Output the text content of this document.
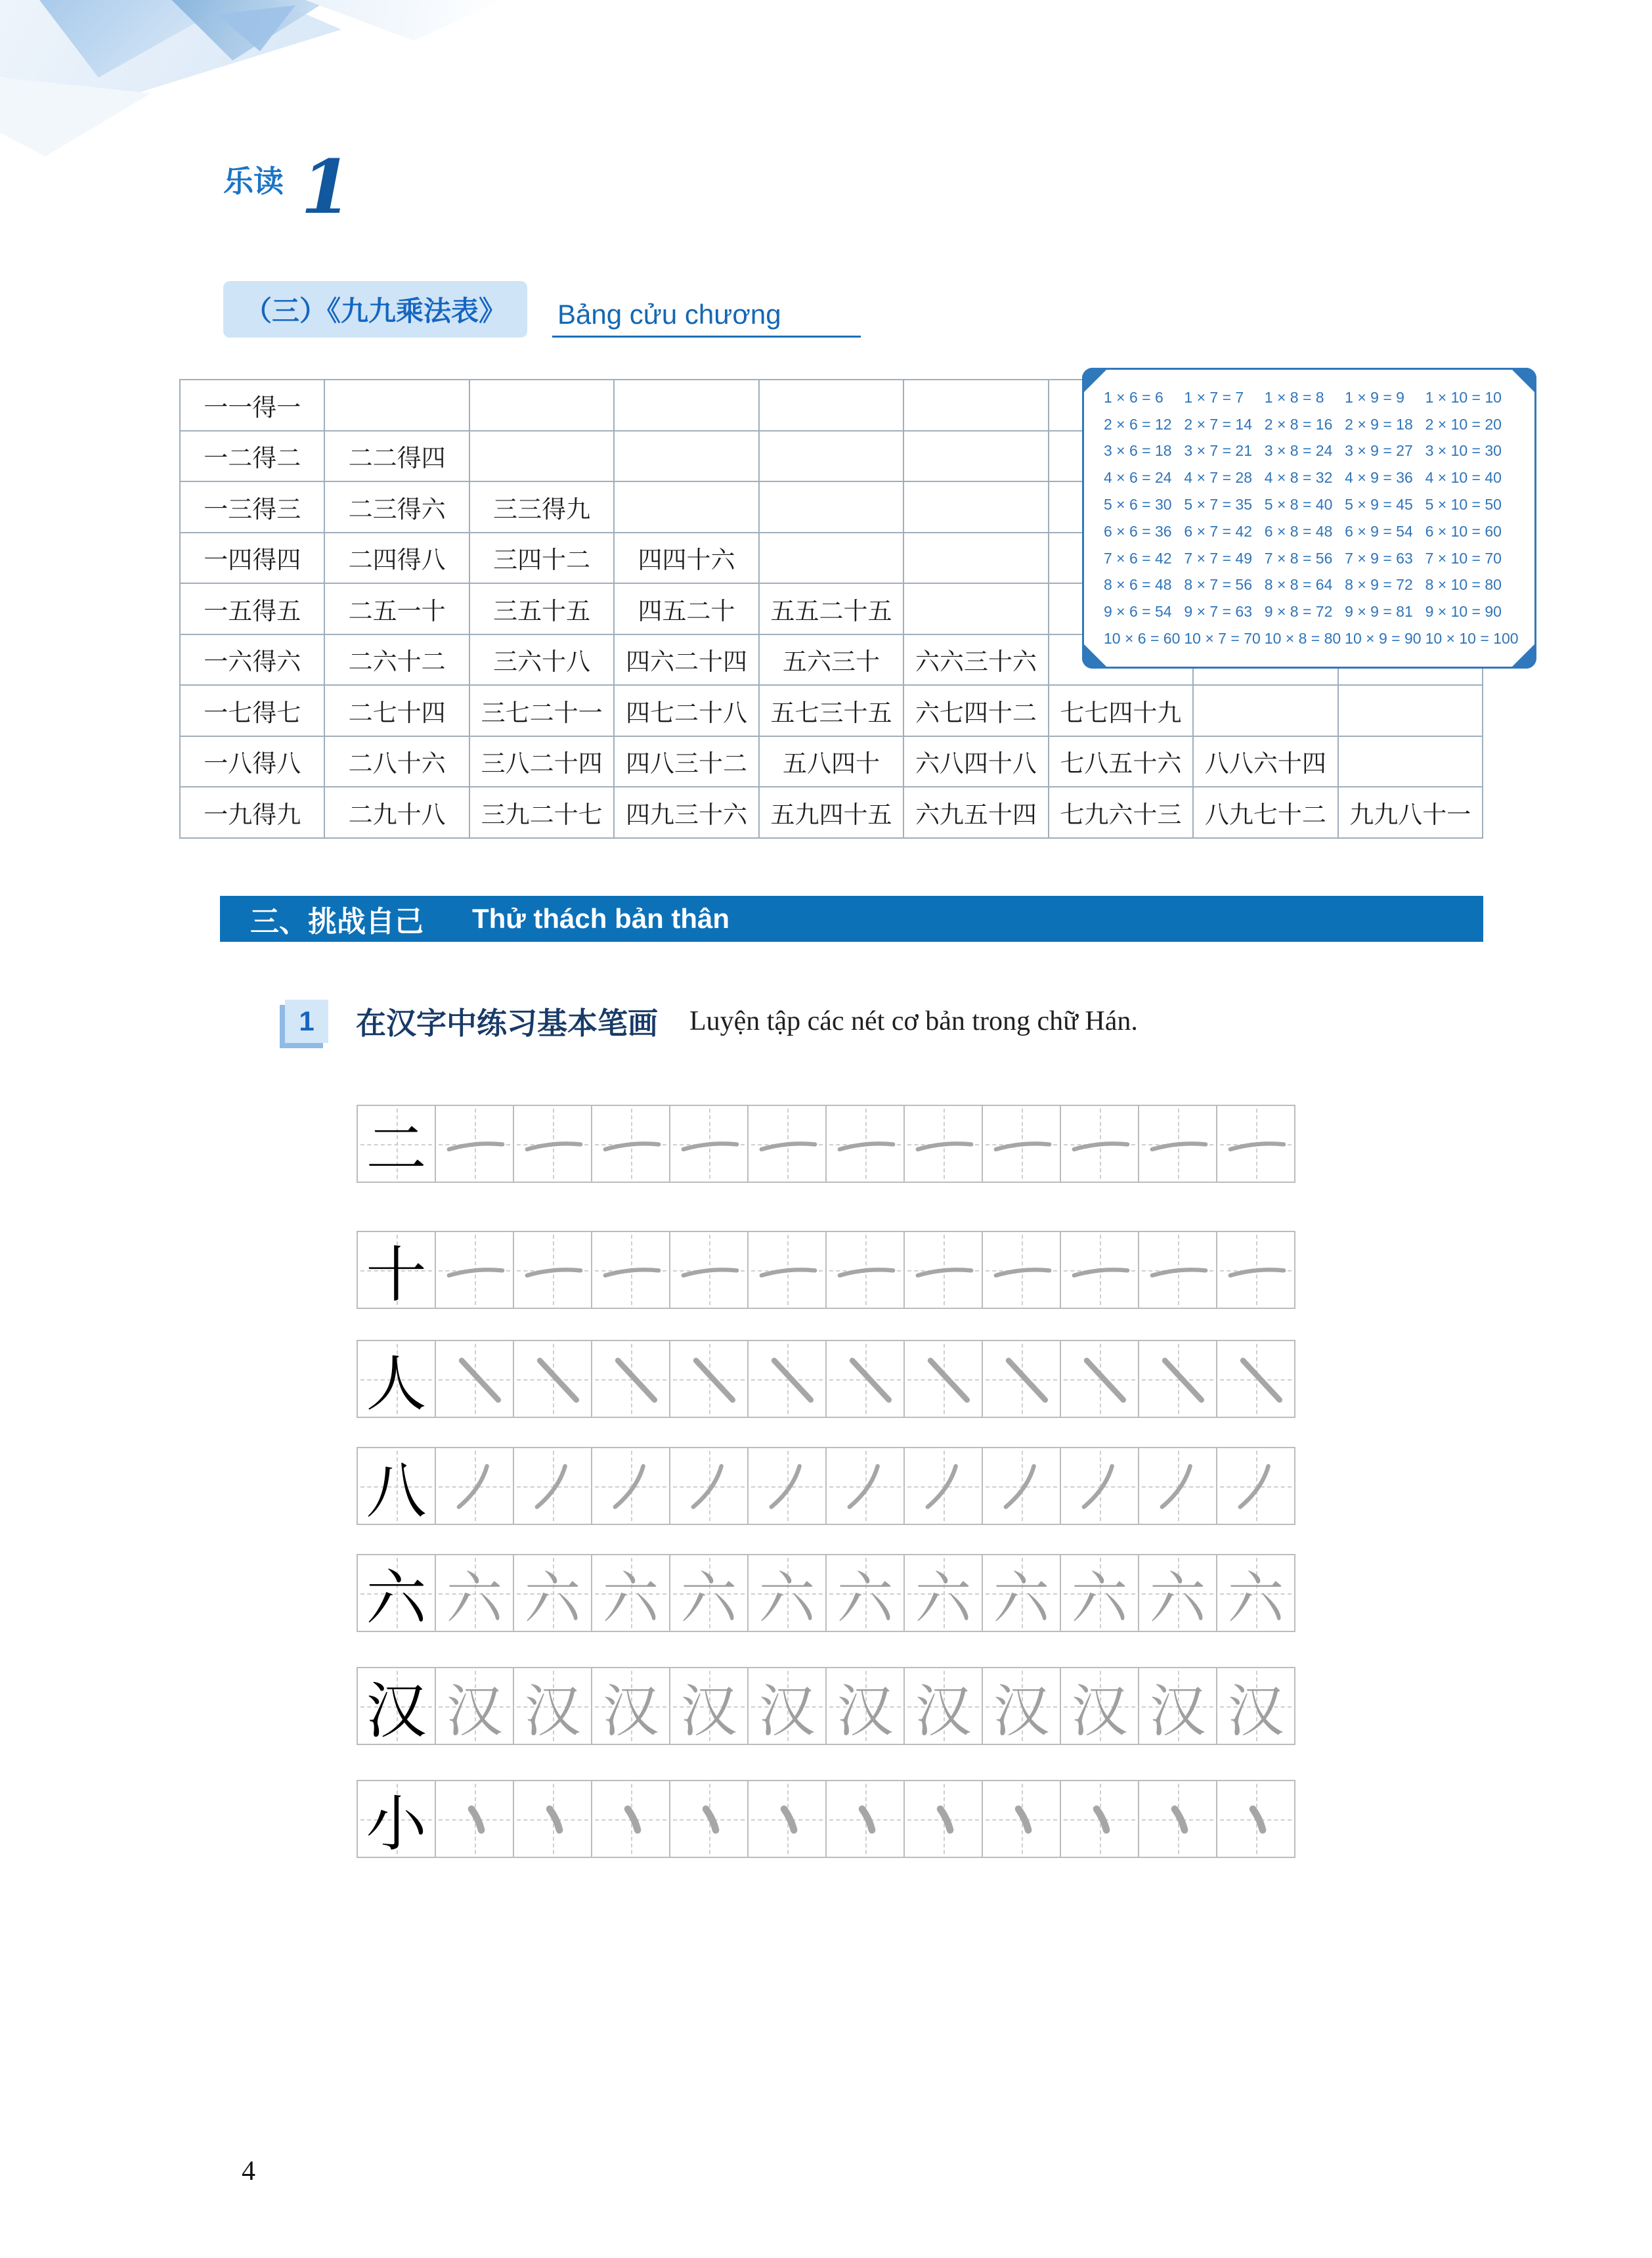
乐读 1
（三）《九九乘法表》	Bảng cửu chương
一一得一
一二得二	二二得四
一三得三	二三得六	三三得九
一四得四	二四得八	三四十二	四四十六
一五得五	二五一十	三五十五	四五二十	五五二十五
一六得六	二六十二	三六十八	四六二十四	五六三十	六六三十六
一七得七	二七十四	三七二十一 四七二十八 五七三十五 六七四十二 七七四十九
一八得八	二八十六	三八二十四 四八三十二	五八四十	六八四十八 七八五十六 八八六十四
一九得九	二九十八	三九二十七 四九三十六 五九四十五 六九五十四 七九六十三 八九七十二 九九八十一
1 × 6 = 6 1 × 7 = 7 1 × 8 = 8 1 × 9 = 9 1 × 10 = 10
2 × 6 = 12 2 × 7 = 14 2 × 8 = 16 2 × 9 = 18 2 × 10 = 20
3 × 6 = 18 3 × 7 = 21 3 × 8 = 24 3 × 9 = 27 3 × 10 = 30
4 × 6 = 24 4 × 7 = 28 4 × 8 = 32 4 × 9 = 36 4 × 10 = 40
5 × 6 = 30 5 × 7 = 35 5 × 8 = 40 5 × 9 = 45 5 × 10 = 50
6 × 6 = 36 6 × 7 = 42 6 × 8 = 48 6 × 9 = 54 6 × 10 = 60
7 × 6 = 42 7 × 7 = 49 7 × 8 = 56 7 × 9 = 63 7 × 10 = 70
8 × 6 = 48 8 × 7 = 56 8 × 8 = 64 8 × 9 = 72 8 × 10 = 80
9 × 6 = 54 9 × 7 = 63 9 × 8 = 72 9 × 9 = 81 9 × 10 = 90
10 × 6 = 60 10 × 7 = 70 10 × 8 = 80 10 × 9 = 90 10 × 10 = 100
三、挑战自己 Thử thách bản thân
1	在汉字中练习基本笔画 Luyện tập các nét cơ bản trong chữ Hán.
二
十
人
八
六 六 六 六 六 六 六 六 六 六 六 六
汉 汉 汉 汉 汉 汉 汉 汉 汉 汉 汉 汉
小
4
